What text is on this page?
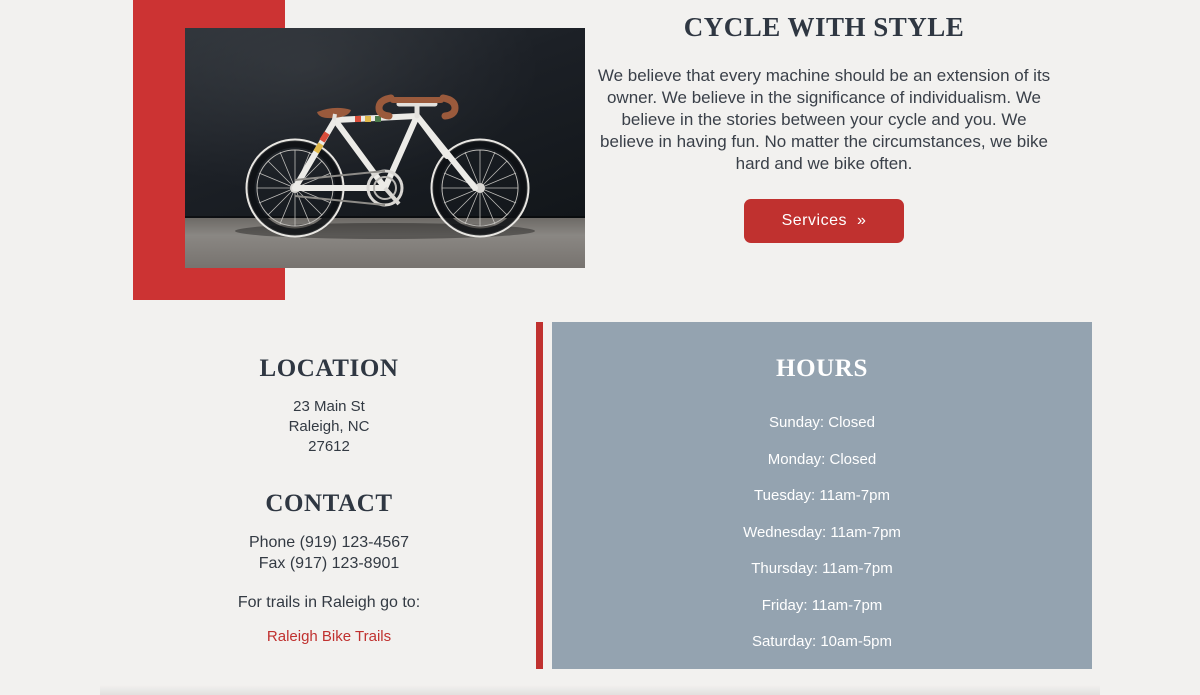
CYCLE WITH STYLE

We believe that every machine should be an extension of its owner. We believe in the significance of individualism. We believe in the stories between your cycle and you. We believe in having fun. No matter the circumstances, we bike hard and we bike often.

Services »
LOCATION

23 Main St
Raleigh, NC
27612

CONTACT

Phone (919) 123-4567
Fax (917) 123-8901

For trails in Raleigh go to:

Raleigh Bike Trails
HOURS
Sunday: Closed
Monday: Closed
Tuesday: 11am-7pm
Wednesday: 11am-7pm
Thursday: 11am-7pm
Friday: 11am-7pm
Saturday: 10am-5pm
